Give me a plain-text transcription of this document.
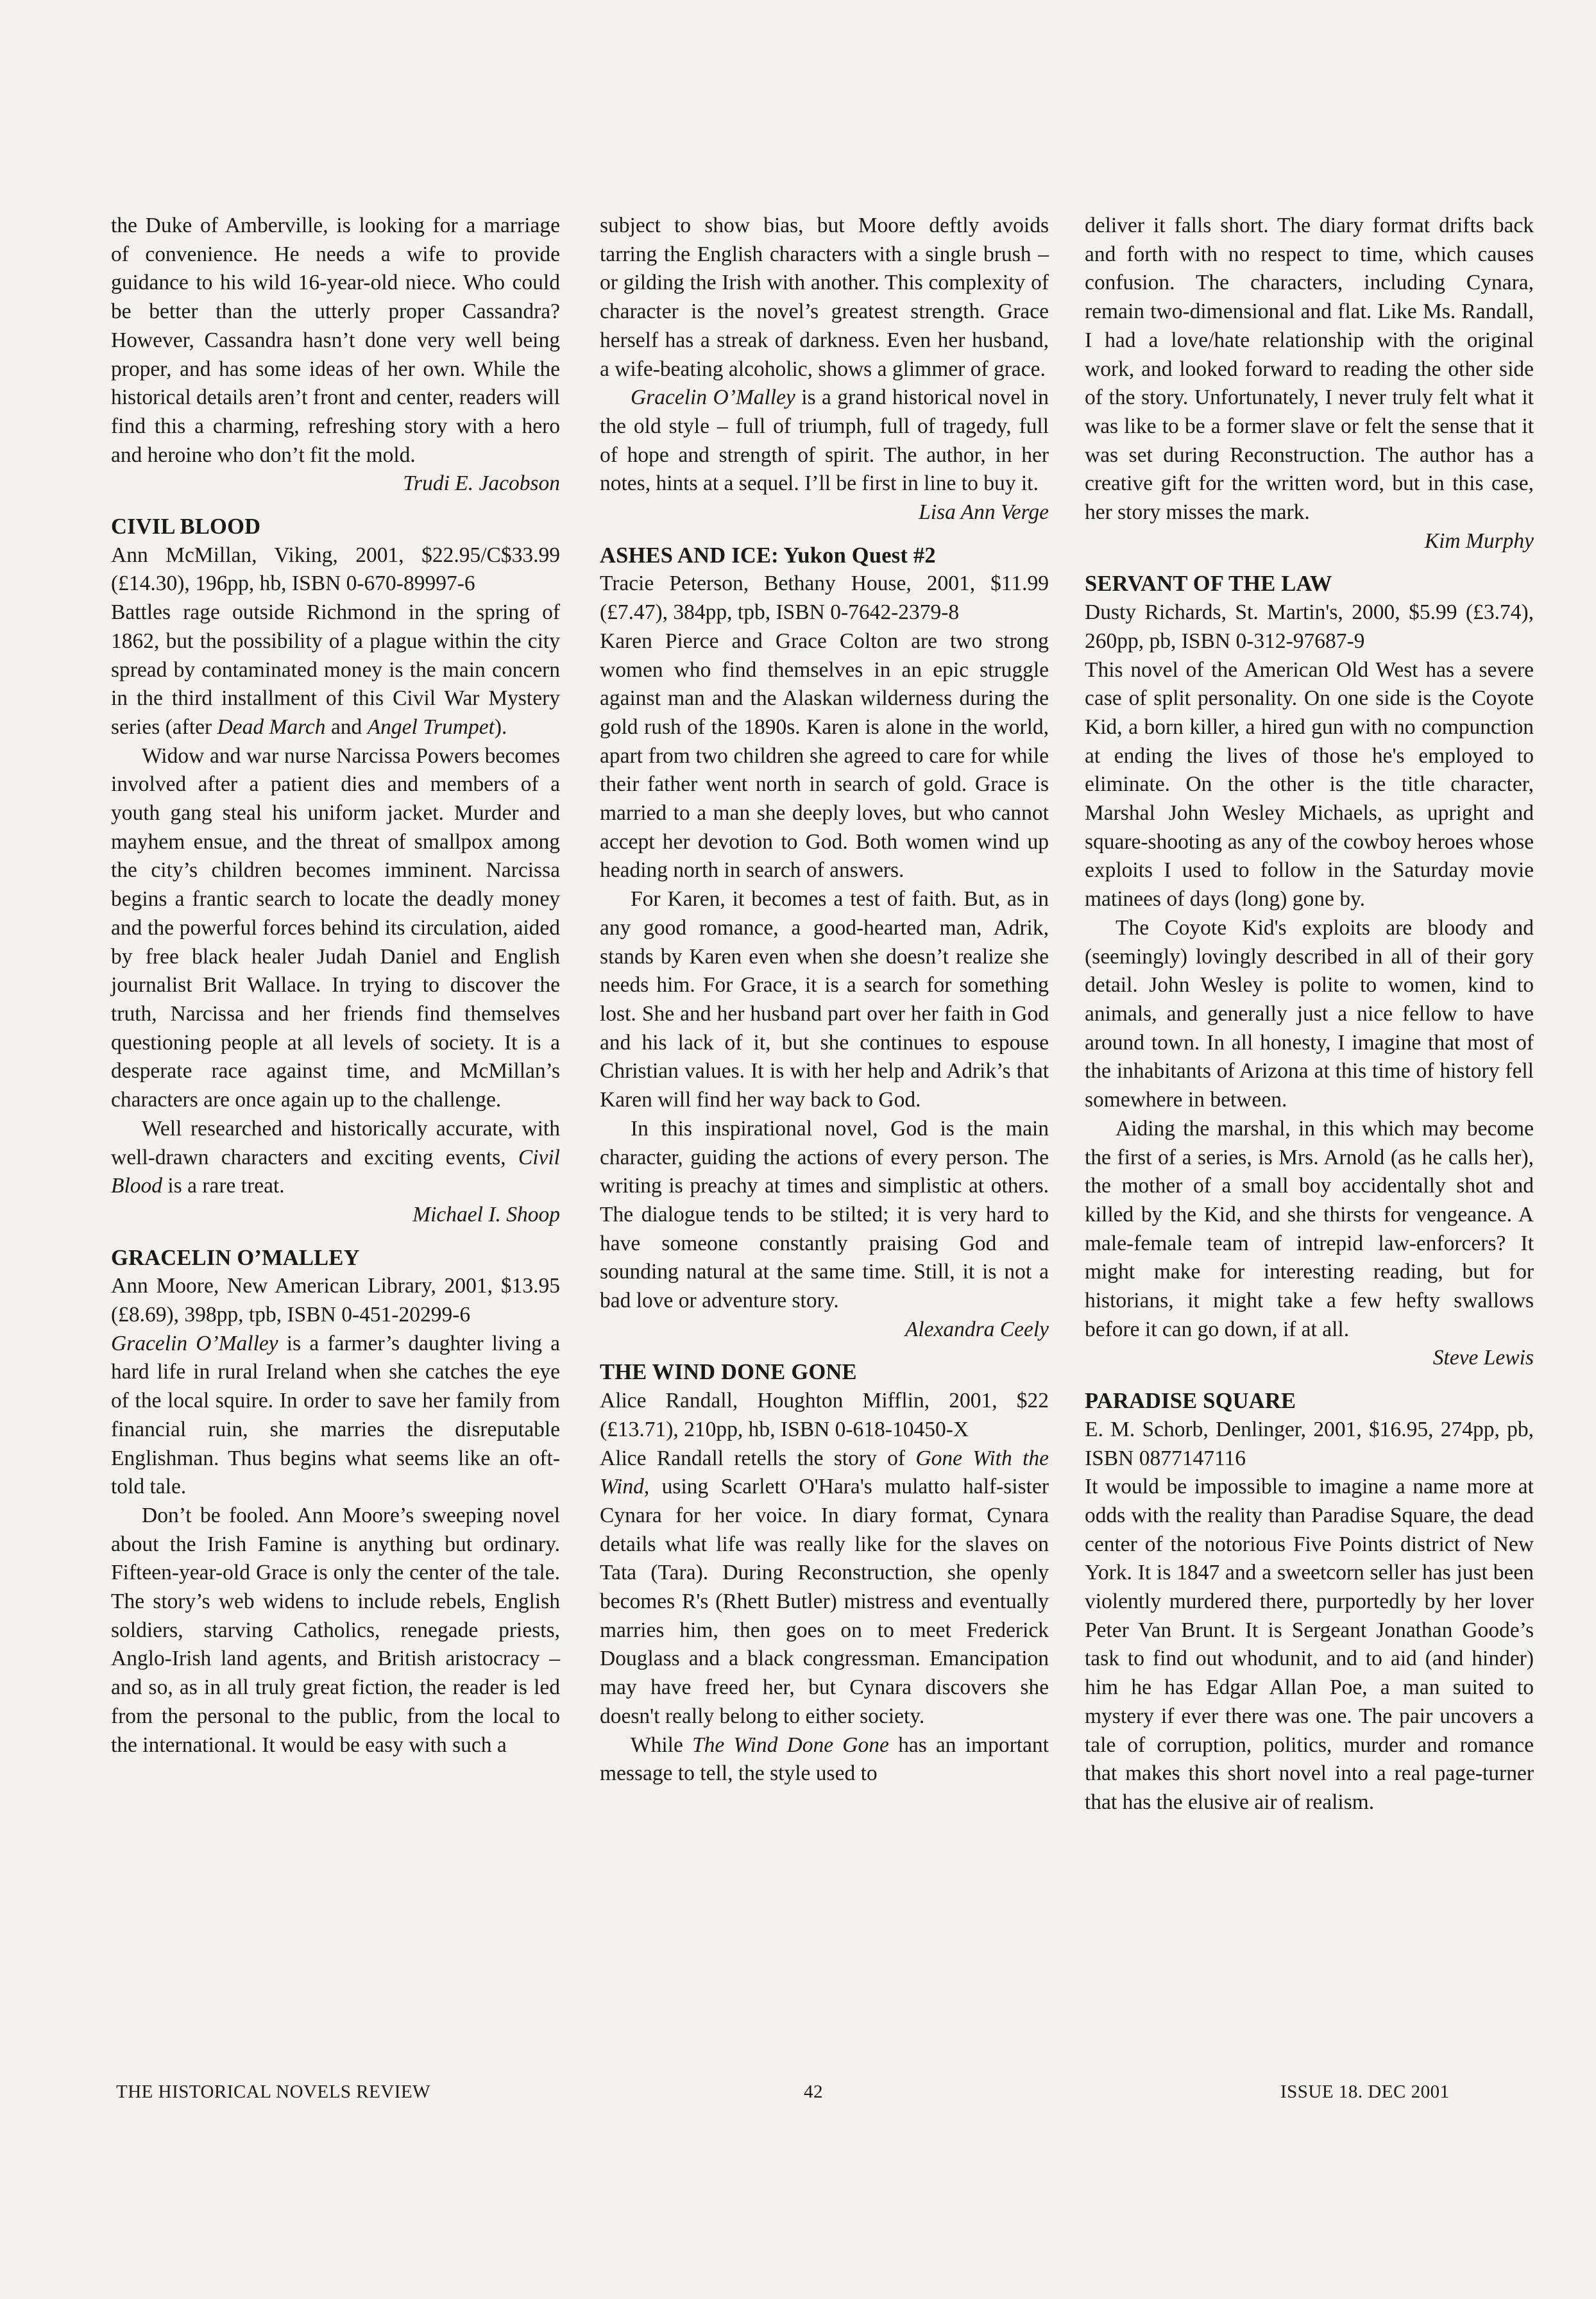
the Duke of Amberville, is looking for a marriage of convenience. He needs a wife to provide guidance to his wild 16-year-old niece. Who could be better than the utterly proper Cassandra? However, Cassandra hasn’t done very well being proper, and has some ideas of her own. While the historical details aren’t front and center, readers will find this a charming, refreshing story with a hero and heroine who don’t fit the mold.

Trudi E. Jacobson

CIVIL BLOOD

Ann McMillan, Viking, 2001, $22.95/C$33.99 (£14.30), 196pp, hb, ISBN 0-670-89997-6

Battles rage outside Richmond in the spring of 1862, but the possibility of a plague within the city spread by contaminated money is the main concern in the third installment of this Civil War Mystery series (after Dead March and Angel Trumpet).

Widow and war nurse Narcissa Powers becomes involved after a patient dies and members of a youth gang steal his uniform jacket. Murder and mayhem ensue, and the threat of smallpox among the city’s children becomes imminent. Narcissa begins a frantic search to locate the deadly money and the powerful forces behind its circulation, aided by free black healer Judah Daniel and English journalist Brit Wallace. In trying to discover the truth, Narcissa and her friends find themselves questioning people at all levels of society. It is a desperate race against time, and McMillan’s characters are once again up to the challenge.

Well researched and historically accurate, with well-drawn characters and exciting events, Civil Blood is a rare treat.

Michael I. Shoop

GRACELIN O’MALLEY

Ann Moore, New American Library, 2001, $13.95 (£8.69), 398pp, tpb, ISBN 0-451-20299-6

Gracelin O’Malley is a farmer’s daughter living a hard life in rural Ireland when she catches the eye of the local squire. In order to save her family from financial ruin, she marries the disreputable Englishman. Thus begins what seems like an oft-told tale.

Don’t be fooled. Ann Moore’s sweeping novel about the Irish Famine is anything but ordinary. Fifteen-year-old Grace is only the center of the tale. The story’s web widens to include rebels, English soldiers, starving Catholics, renegade priests, Anglo-Irish land agents, and British aristocracy – and so, as in all truly great fiction, the reader is led from the personal to the public, from the local to the international. It would be easy with such a

subject to show bias, but Moore deftly avoids tarring the English characters with a single brush – or gilding the Irish with another. This complexity of character is the novel’s greatest strength. Grace herself has a streak of darkness. Even her husband, a wife-beating alcoholic, shows a glimmer of grace.

Gracelin O’Malley is a grand historical novel in the old style – full of triumph, full of tragedy, full of hope and strength of spirit. The author, in her notes, hints at a sequel. I’ll be first in line to buy it.

Lisa Ann Verge

ASHES AND ICE: Yukon Quest #2

Tracie Peterson, Bethany House, 2001, $11.99 (£7.47), 384pp, tpb, ISBN 0-7642-2379-8

Karen Pierce and Grace Colton are two strong women who find themselves in an epic struggle against man and the Alaskan wilderness during the gold rush of the 1890s. Karen is alone in the world, apart from two children she agreed to care for while their father went north in search of gold. Grace is married to a man she deeply loves, but who cannot accept her devotion to God. Both women wind up heading north in search of answers.

For Karen, it becomes a test of faith. But, as in any good romance, a good-hearted man, Adrik, stands by Karen even when she doesn’t realize she needs him. For Grace, it is a search for something lost. She and her husband part over her faith in God and his lack of it, but she continues to espouse Christian values. It is with her help and Adrik’s that Karen will find her way back to God.

In this inspirational novel, God is the main character, guiding the actions of every person. The writing is preachy at times and simplistic at others. The dialogue tends to be stilted; it is very hard to have someone constantly praising God and sounding natural at the same time. Still, it is not a bad love or adventure story.

Alexandra Ceely

THE WIND DONE GONE

Alice Randall, Houghton Mifflin, 2001, $22 (£13.71), 210pp, hb, ISBN 0-618-10450-X

Alice Randall retells the story of Gone With the Wind, using Scarlett O'Hara's mulatto half-sister Cynara for her voice. In diary format, Cynara details what life was really like for the slaves on Tata (Tara). During Reconstruction, she openly becomes R's (Rhett Butler) mistress and eventually marries him, then goes on to meet Frederick Douglass and a black congressman. Emancipation may have freed her, but Cynara discovers she doesn't really belong to either society.

While The Wind Done Gone has an important message to tell, the style used to

deliver it falls short. The diary format drifts back and forth with no respect to time, which causes confusion. The characters, including Cynara, remain two-dimensional and flat. Like Ms. Randall, I had a love/hate relationship with the original work, and looked forward to reading the other side of the story. Unfortunately, I never truly felt what it was like to be a former slave or felt the sense that it was set during Reconstruction. The author has a creative gift for the written word, but in this case, her story misses the mark.

Kim Murphy

SERVANT OF THE LAW

Dusty Richards, St. Martin's, 2000, $5.99 (£3.74), 260pp, pb, ISBN 0-312-97687-9

This novel of the American Old West has a severe case of split personality. On one side is the Coyote Kid, a born killer, a hired gun with no compunction at ending the lives of those he's employed to eliminate. On the other is the title character, Marshal John Wesley Michaels, as upright and square-shooting as any of the cowboy heroes whose exploits I used to follow in the Saturday movie matinees of days (long) gone by.

The Coyote Kid's exploits are bloody and (seemingly) lovingly described in all of their gory detail. John Wesley is polite to women, kind to animals, and generally just a nice fellow to have around town. In all honesty, I imagine that most of the inhabitants of Arizona at this time of history fell somewhere in between.

Aiding the marshal, in this which may become the first of a series, is Mrs. Arnold (as he calls her), the mother of a small boy accidentally shot and killed by the Kid, and she thirsts for vengeance. A male-female team of intrepid law-enforcers? It might make for interesting reading, but for historians, it might take a few hefty swallows before it can go down, if at all.

Steve Lewis

PARADISE SQUARE

E. M. Schorb, Denlinger, 2001, $16.95, 274pp, pb, ISBN 0877147116

It would be impossible to imagine a name more at odds with the reality than Paradise Square, the dead center of the notorious Five Points district of New York. It is 1847 and a sweetcorn seller has just been violently murdered there, purportedly by her lover Peter Van Brunt. It is Sergeant Jonathan Goode’s task to find out whodunit, and to aid (and hinder) him he has Edgar Allan Poe, a man suited to mystery if ever there was one. The pair uncovers a tale of corruption, politics, murder and romance that makes this short novel into a real page-turner that has the elusive air of realism.

THE HISTORICAL NOVELS REVIEW	42	ISSUE 18. DEC 2001
